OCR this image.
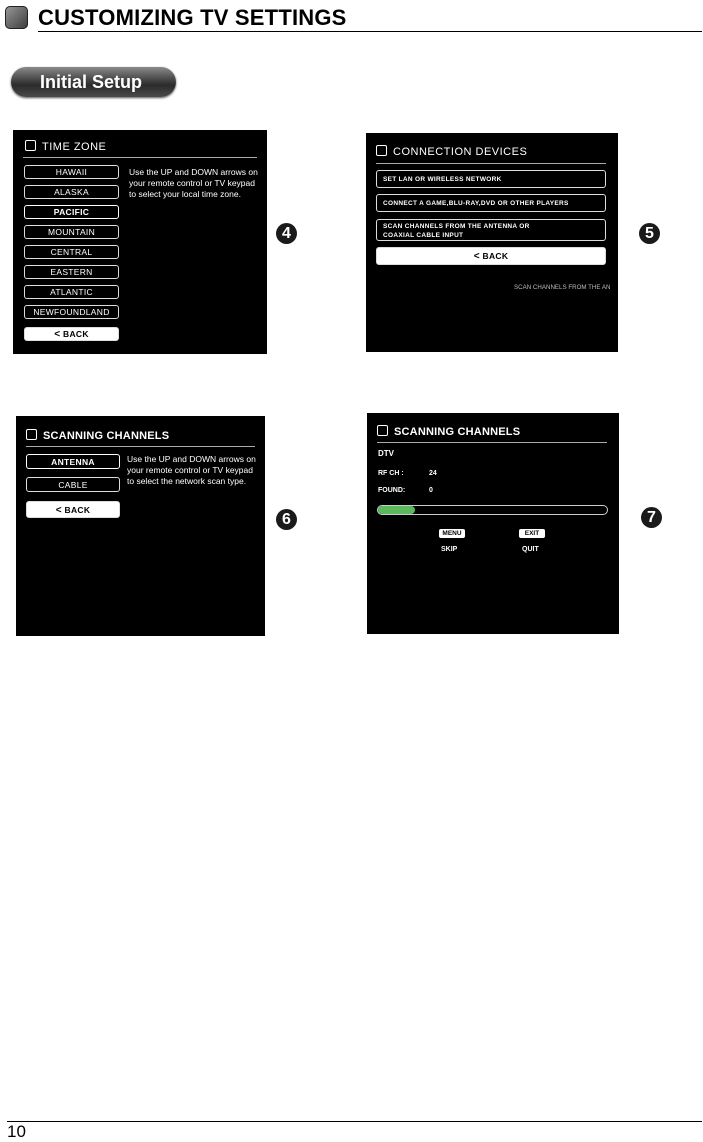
CUSTOMIZING TV SETTINGS
Initial Setup
TIME ZONE
HAWAII
ALASKA
PACIFIC
MOUNTAIN
CENTRAL
EASTERN
ATLANTIC
NEWFOUNDLAND
< BACK
Use the UP and DOWN arrows on your remote control or TV keypad to select your local time zone.
4
CONNECTION DEVICES
SET LAN OR WIRELESS NETWORK
CONNECT A GAME,BLU-RAY,DVD OR OTHER PLAYERS
SCAN CHANNELS FROM THE ANTENNA OR COAXIAL CABLE INPUT
< BACK
SCAN CHANNELS FROM THE AN
5
SCANNING CHANNELS
ANTENNA
CABLE
< BACK
Use the UP and DOWN arrows on your remote control or TV keypad to select the network scan type.
6
SCANNING CHANNELS
DTV
RF CH :	24
FOUND:	0
MENU
SKIP
EXIT
QUIT
7
10
